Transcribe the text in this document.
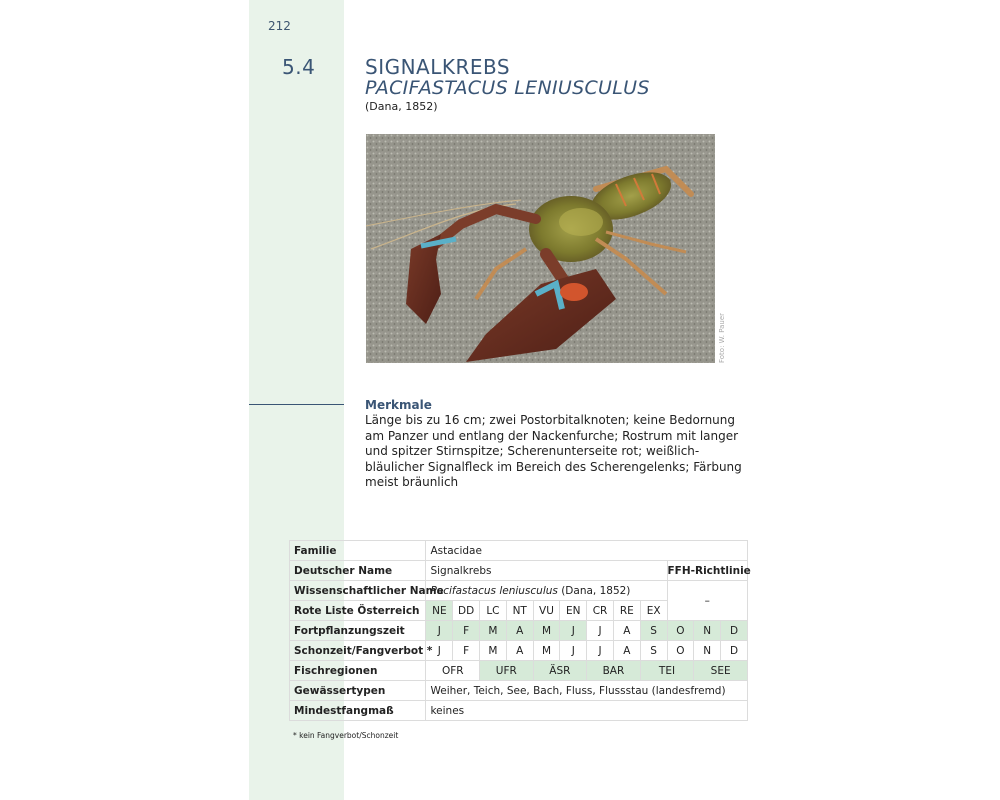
212
5.4 SIGNALKREBS
PACIFASTACUS LENIUSCULUS
(Dana, 1852)
Foto: W. Pauer
Merkmale
Länge bis zu 16 cm; zwei Postorbitalknoten; keine Bedornung am Panzer und entlang der Nackenfurche; Rostrum mit langer und spitzer Stirnspitze; Scherenunterseite rot; weißlich-bläulicher Signalfleck im Bereich des Scherengelenks; Färbung meist bräunlich
Familie	Astacidae											
Deutscher Name	Signalkrebs									FFH-Richtlinie		
Wissenschaftlicher Name	Pacifastacus leniusculus (Dana, 1852)									–		
Rote Liste Österreich	NE	DD	LC	NT	VU	EN	CR	RE	EX			
Fortpflanzungszeit	J	F	M	A	M	J	J	A	S	O	N	D
Schonzeit/Fangverbot *	J	F	M	A	M	J	J	A	S	O	N	D
Fischregionen	OFR		UFR		ÄSR		BAR		TEI		SEE	
Gewässertypen	Weiher, Teich, See, Bach, Fluss, Flussstau (landesfremd)											
Mindestfangmaß	keines											
* kein Fangverbot/Schonzeit
